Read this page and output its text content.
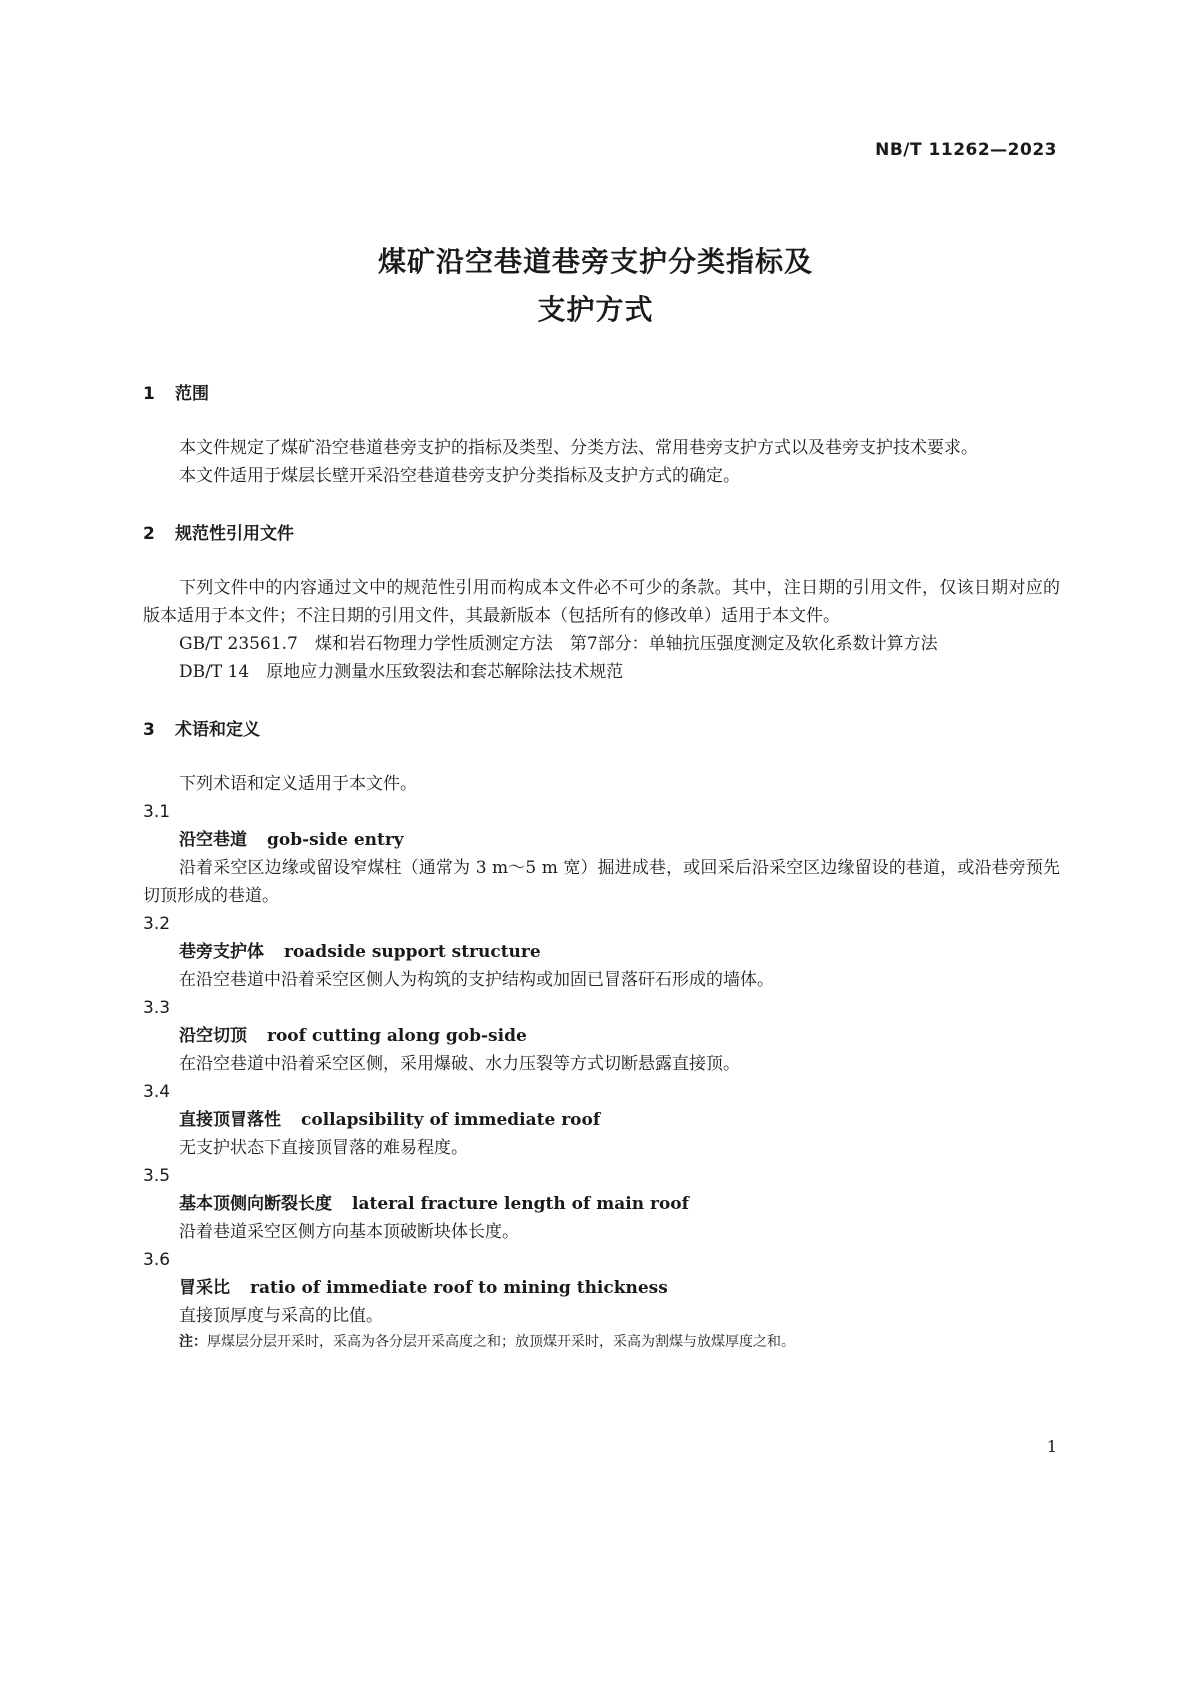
NB/T 11262—2023
煤矿沿空巷道巷旁支护分类指标及
支护方式
1 范围

本文件规定了煤矿沿空巷道巷旁支护的指标及类型、分类方法、常用巷旁支护方式以及巷旁支护技术要求。

本文件适用于煤层长壁开采沿空巷道巷旁支护分类指标及支护方式的确定。

2 规范性引用文件

下列文件中的内容通过文中的规范性引用而构成本文件必不可少的条款。其中，注日期的引用文件，仅该日期对应的版本适用于本文件；不注日期的引用文件，其最新版本（包括所有的修改单）适用于本文件。

GB/T 23561.7　 煤和岩石物理力学性质测定方法　第7部分：单轴抗压强度测定及软化系数计算方法

DB/T 14　 原地应力测量水压致裂法和套芯解除法技术规范

3 术语和定义

下列术语和定义适用于本文件。

3.1
沿空巷道 gob-side entry

沿着采空区边缘或留设窄煤柱（通常为 3 m～5 m 宽）掘进成巷，或回采后沿采空区边缘留设的巷道，或沿巷旁预先切顶形成的巷道。

3.2
巷旁支护体 roadside support structure

在沿空巷道中沿着采空区侧人为构筑的支护结构或加固已冒落矸石形成的墙体。

3.3
沿空切顶 roof cutting along gob-side

在沿空巷道中沿着采空区侧，采用爆破、水力压裂等方式切断悬露直接顶。

3.4
直接顶冒落性 collapsibility of immediate roof

无支护状态下直接顶冒落的难易程度。

3.5
基本顶侧向断裂长度 lateral fracture length of main roof

沿着巷道采空区侧方向基本顶破断块体长度。

3.6
冒采比 ratio of immediate roof to mining thickness

直接顶厚度与采高的比值。

注：厚煤层分层开采时，采高为各分层开采高度之和；放顶煤开采时，采高为割煤与放煤厚度之和。
1
